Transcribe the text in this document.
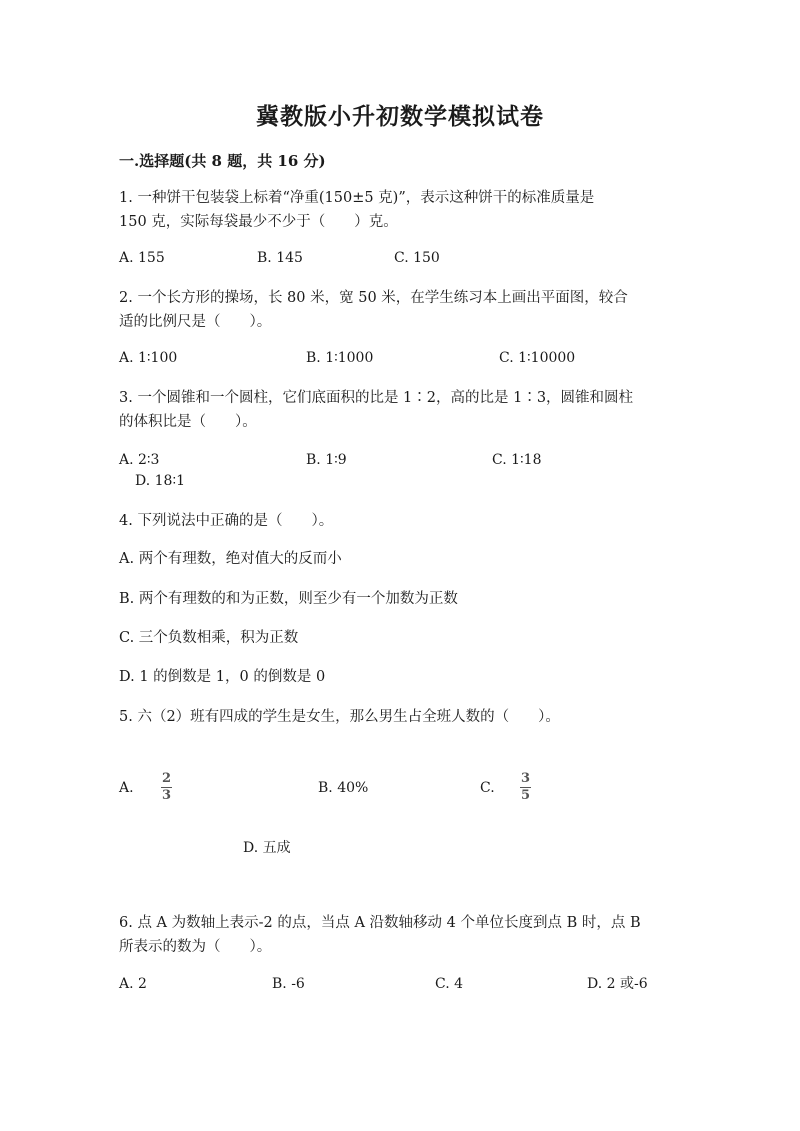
冀教版小升初数学模拟试卷
一.选择题(共 8 题，共 16 分)
1. 一种饼干包装袋上标着“净重(150±5 克)”，表示这种饼干的标准质量是
150 克，实际每袋最少不少于（　　）克。
A. 155	B. 145	C. 150
2. 一个长方形的操场，长 80 米，宽 50 米，在学生练习本上画出平面图，较合
适的比例尺是（　　）。
A. 1∶100	B. 1∶1000	C. 1∶10000
3. 一个圆锥和一个圆柱，它们底面积的比是 1∶2，高的比是 1∶3，圆锥和圆柱
的体积比是（　　）。
A. 2∶3	B. 1∶9	C. 1∶18
D. 18∶1
4. 下列说法中正确的是（　　）。
A. 两个有理数，绝对值大的反而小
B. 两个有理数的和为正数，则至少有一个加数为正数
C. 三个负数相乘，积为正数
D. 1 的倒数是 1，0 的倒数是 0
5. 六（2）班有四成的学生是女生，那么男生占全班人数的（　　）。
A.
2
3	B. 40%	C.
3
5
D. 五成
6. 点 A 为数轴上表示-2 的点，当点 A 沿数轴移动 4 个单位长度到点 B 时，点 B
所表示的数为（　　）。
A. 2	B. -6	C. 4	D. 2 或-6
